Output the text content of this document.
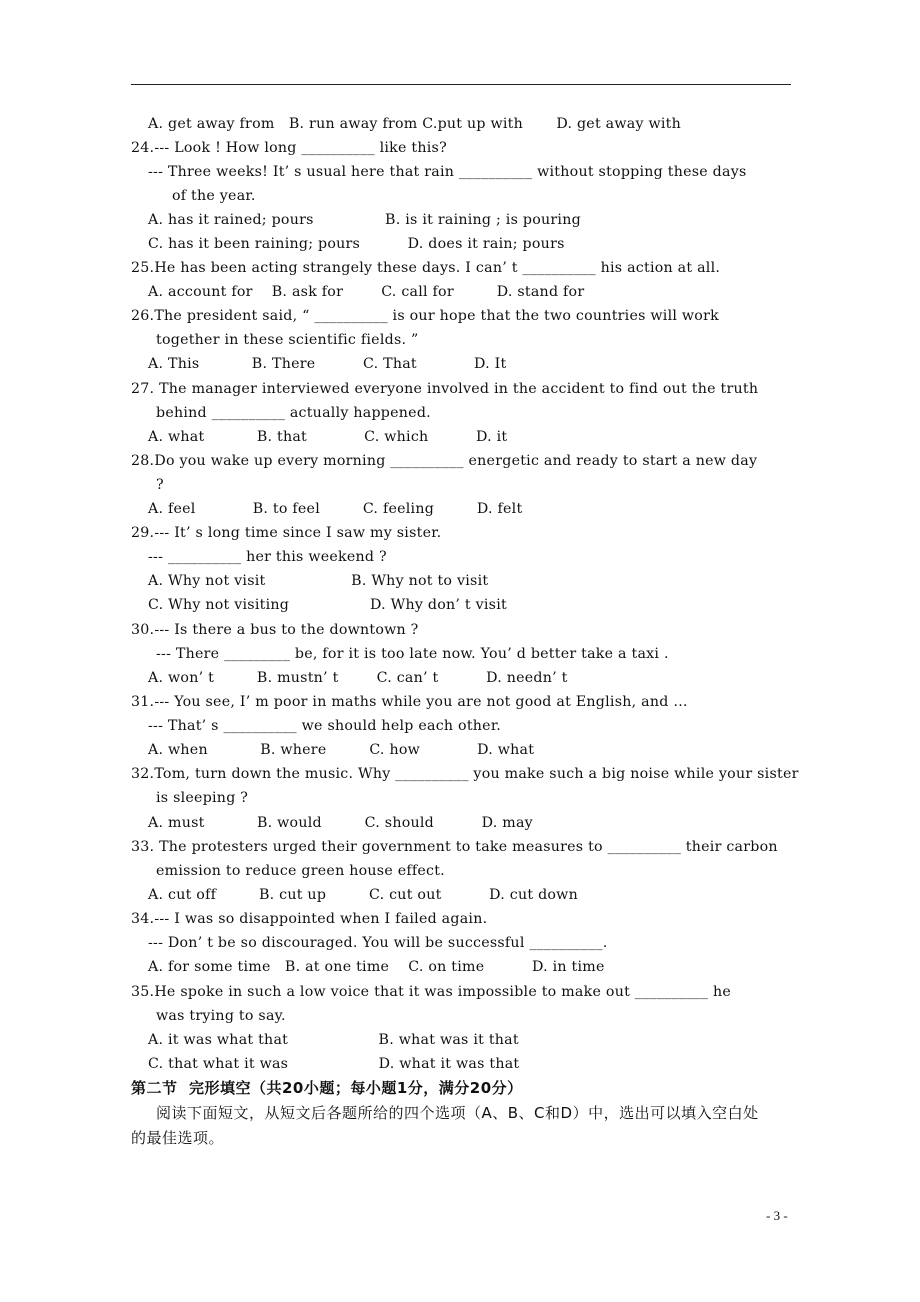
A. get away from   B. run away from C.put up with       D. get away with
24.--- Look ! How long __________ like this?
--- Three weeks! It’ s usual here that rain __________ without stopping these days
of the year.
A. has it rained; pours               B. is it raining ; is pouring
C. has it been raining; pours          D. does it rain; pours
25.He has been acting strangely these days. I can’ t __________ his action at all.
A. account for    B. ask for        C. call for         D. stand for
26.The president said, “ __________ is our hope that the two countries will work
together in these scientific fields. ”
A. This           B. There          C. That            D. It
27. The manager interviewed everyone involved in the accident to find out the truth
behind __________ actually happened.
A. what           B. that            C. which          D. it
28.Do you wake up every morning __________ energetic and ready to start a new day
?
A. feel            B. to feel         C. feeling         D. felt
29.--- It’ s long time since I saw my sister.
--- __________ her this weekend ?
A. Why not visit                  B. Why not to visit
C. Why not visiting                 D. Why don’ t visit
30.--- Is there a bus to the downtown ?
--- There _________ be, for it is too late now. You’ d better take a taxi .
A. won’ t         B. mustn’ t        C. can’ t          D. needn’ t
31.--- You see, I’ m poor in maths while you are not good at English, and …
--- That’ s __________ we should help each other.
A. when           B. where         C. how            D. what
32.Tom, turn down the music. Why __________ you make such a big noise while your sister
is sleeping ?
A. must           B. would         C. should          D. may
33. The protesters urged their government to take measures to __________ their carbon
emission to reduce green house effect.
A. cut off         B. cut up         C. cut out          D. cut down
34.--- I was so disappointed when I failed again.
--- Don’ t be so discouraged. You will be successful __________.
A. for some time   B. at one time    C. on time          D. in time
35.He spoke in such a low voice that it was impossible to make out __________ he
was trying to say.
A. it was what that                   B. what was it that
C. that what it was                   D. what it was that
第二节  完形填空（共20小题；每小题1分，满分20分）
阅读下面短文，从短文后各题所给的四个选项（A、B、C和D）中，选出可以填入空白处
的最佳选项。
- 3 -
